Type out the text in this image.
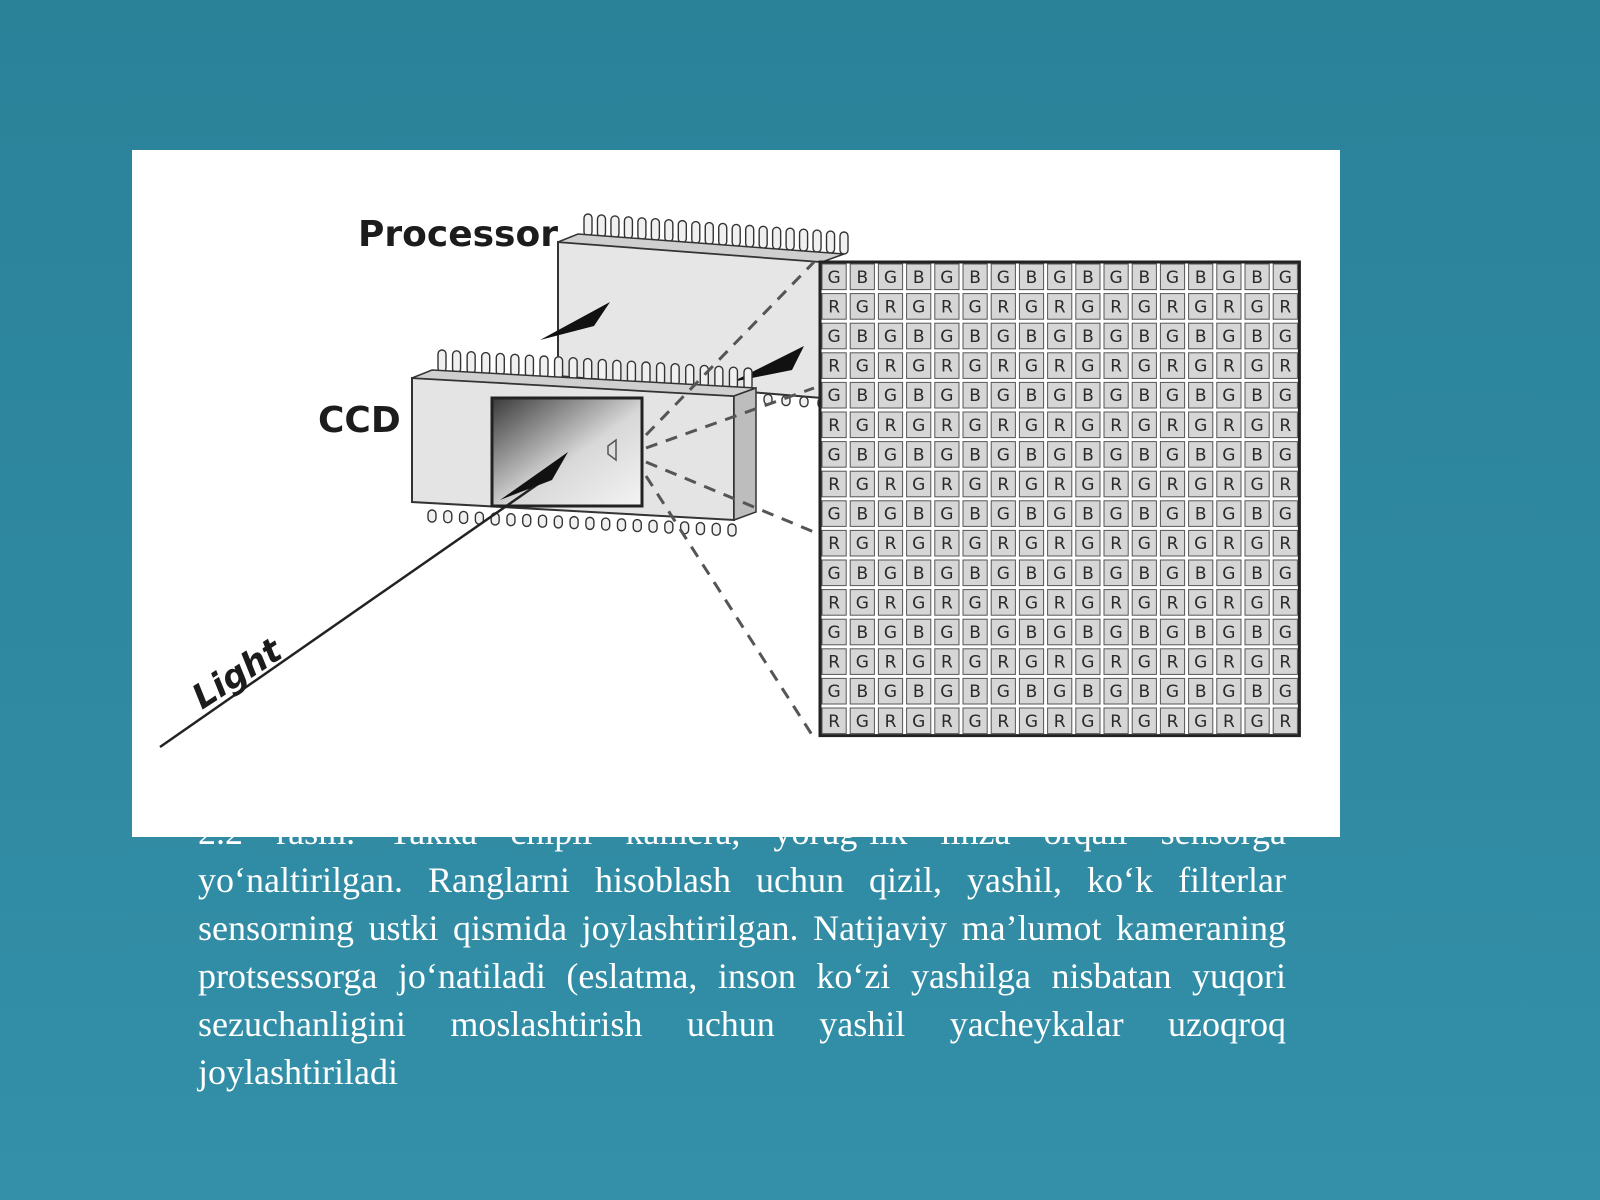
yo‘naltirilgan. Ranglarni hisoblash uchun qizil, yashil, ko‘k filterlar sensorning ustki qismida joylashtirilgan. Natijaviy ma’lumot kameraning protsessorga jo‘natiladi (eslatma, inson ko‘zi yashilga nisbatan yuqori sezuchanligini moslashtirish uchun yashil yacheykalar uzoqroq joylashtiriladi

G B G B G B G B G B G B G B G B G
R G R G R G R G R G R G R G R G R
G B G B G B G B G B G B G B G B G
R G R G R G R G R G R G R G R G R
G B G B G B G B G B G B G B G B G
R G R G R G R G R G R G R G R G R
G B G B G B G B G B G B G B G B G
R G R G R G R G R G R G R G R G R
G B G B G B G B G B G B G B G B G
R G R G R G R G R G R G R G R G R
G B G B G B G B G B G B G B G B G
R G R G R G R G R G R G R G R G R
G B G B G B G B G B G B G B G B G
R G R G R G R G R G R G R G R G R
G B G B G B G B G B G B G B G B G
R G R G R G R G R G R G R G R G R
Processor
CCD
Light
